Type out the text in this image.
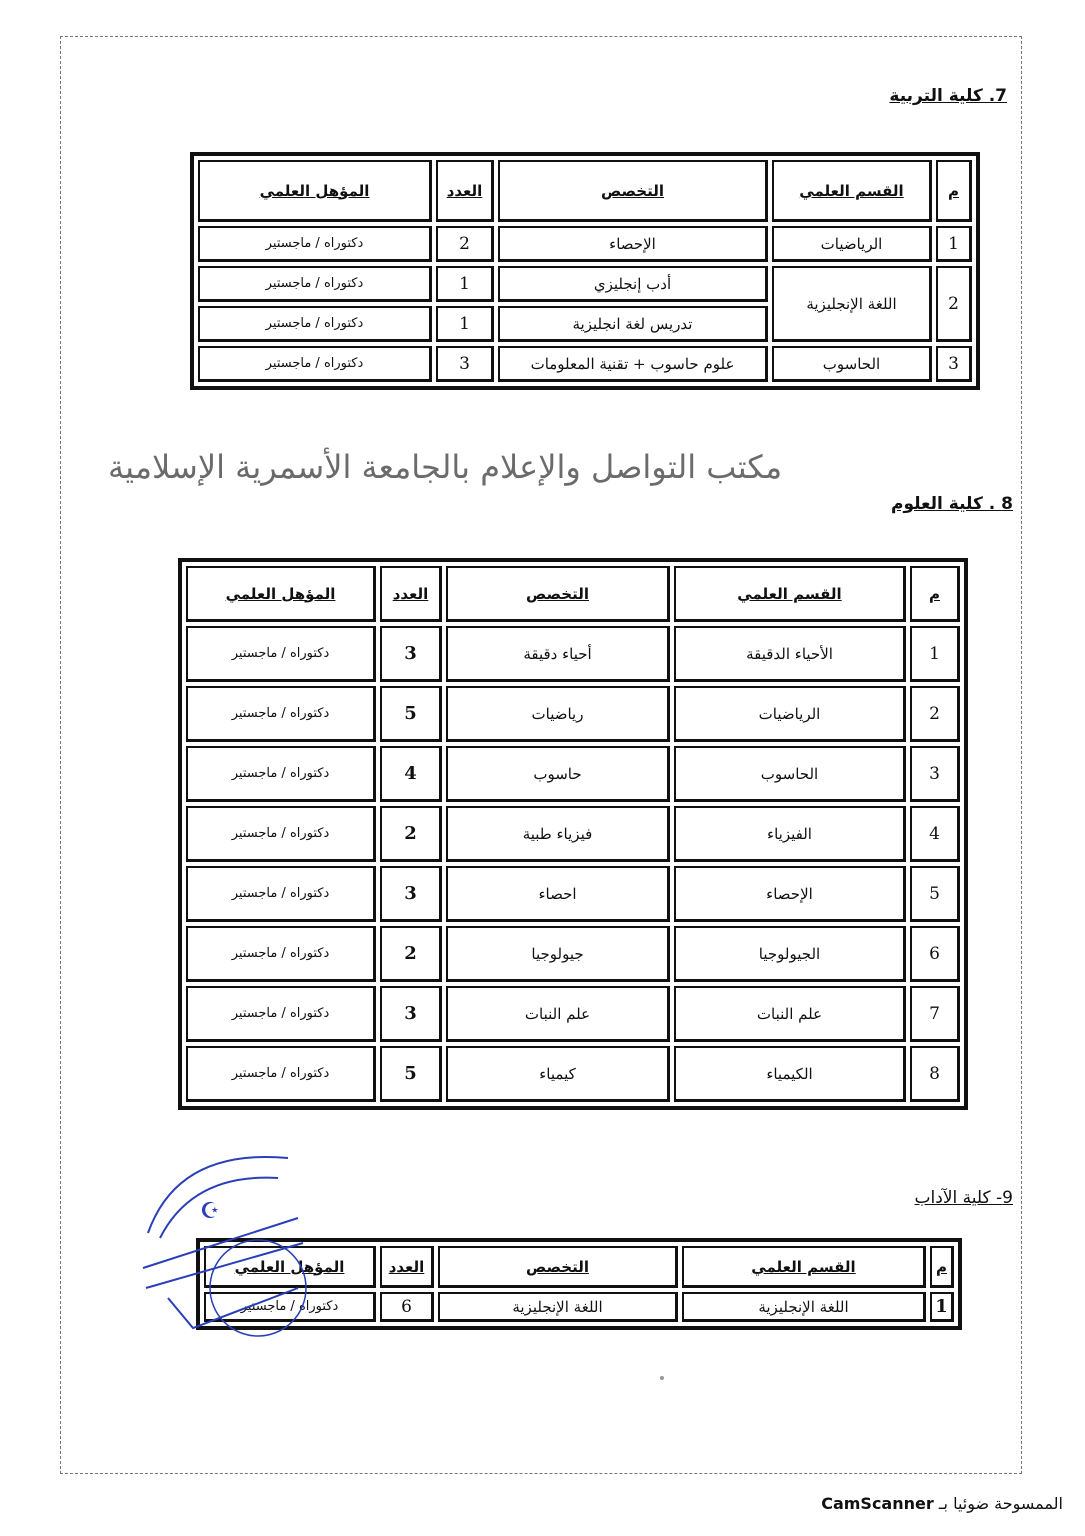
7. كلية التربية
م	القسم العلمي	التخصص	العدد	المؤهل العلمي
1	الرياضيات	الإحصاء	2	دكتوراه / ماجستير
2	اللغة الإنجليزية	أدب إنجليزي	1	دكتوراه / ماجستير
		تدريس لغة انجليزية	1	دكتوراه / ماجستير
3	الحاسوب	علوم حاسوب + تقنية المعلومات	3	دكتوراه / ماجستير
مكتب التواصل والإعلام بالجامعة الأسمرية الإسلامية
8 . كلية العلوم
م	القسم العلمي	التخصص	العدد	المؤهل العلمي
1	الأحياء الدقيقة	أحياء دقيقة	3	دكتوراه / ماجستير
2	الرياضيات	رياضيات	5	دكتوراه / ماجستير
3	الحاسوب	حاسوب	4	دكتوراه / ماجستير
4	الفيزياء	فيزياء طبية	2	دكتوراه / ماجستير
5	الإحصاء	احصاء	3	دكتوراه / ماجستير
6	الجيولوجيا	جيولوجيا	2	دكتوراه / ماجستير
7	علم النبات	علم النبات	3	دكتوراه / ماجستير
8	الكيمياء	كيمياء	5	دكتوراه / ماجستير
9- كلية الآداب
م	القسم العلمي	التخصص	العدد	المؤهل العلمي
1	اللغة الإنجليزية	اللغة الإنجليزية	6	دكتوراه / ماجستير
☪
الممسوحة ضوئيا بـ CamScanner
